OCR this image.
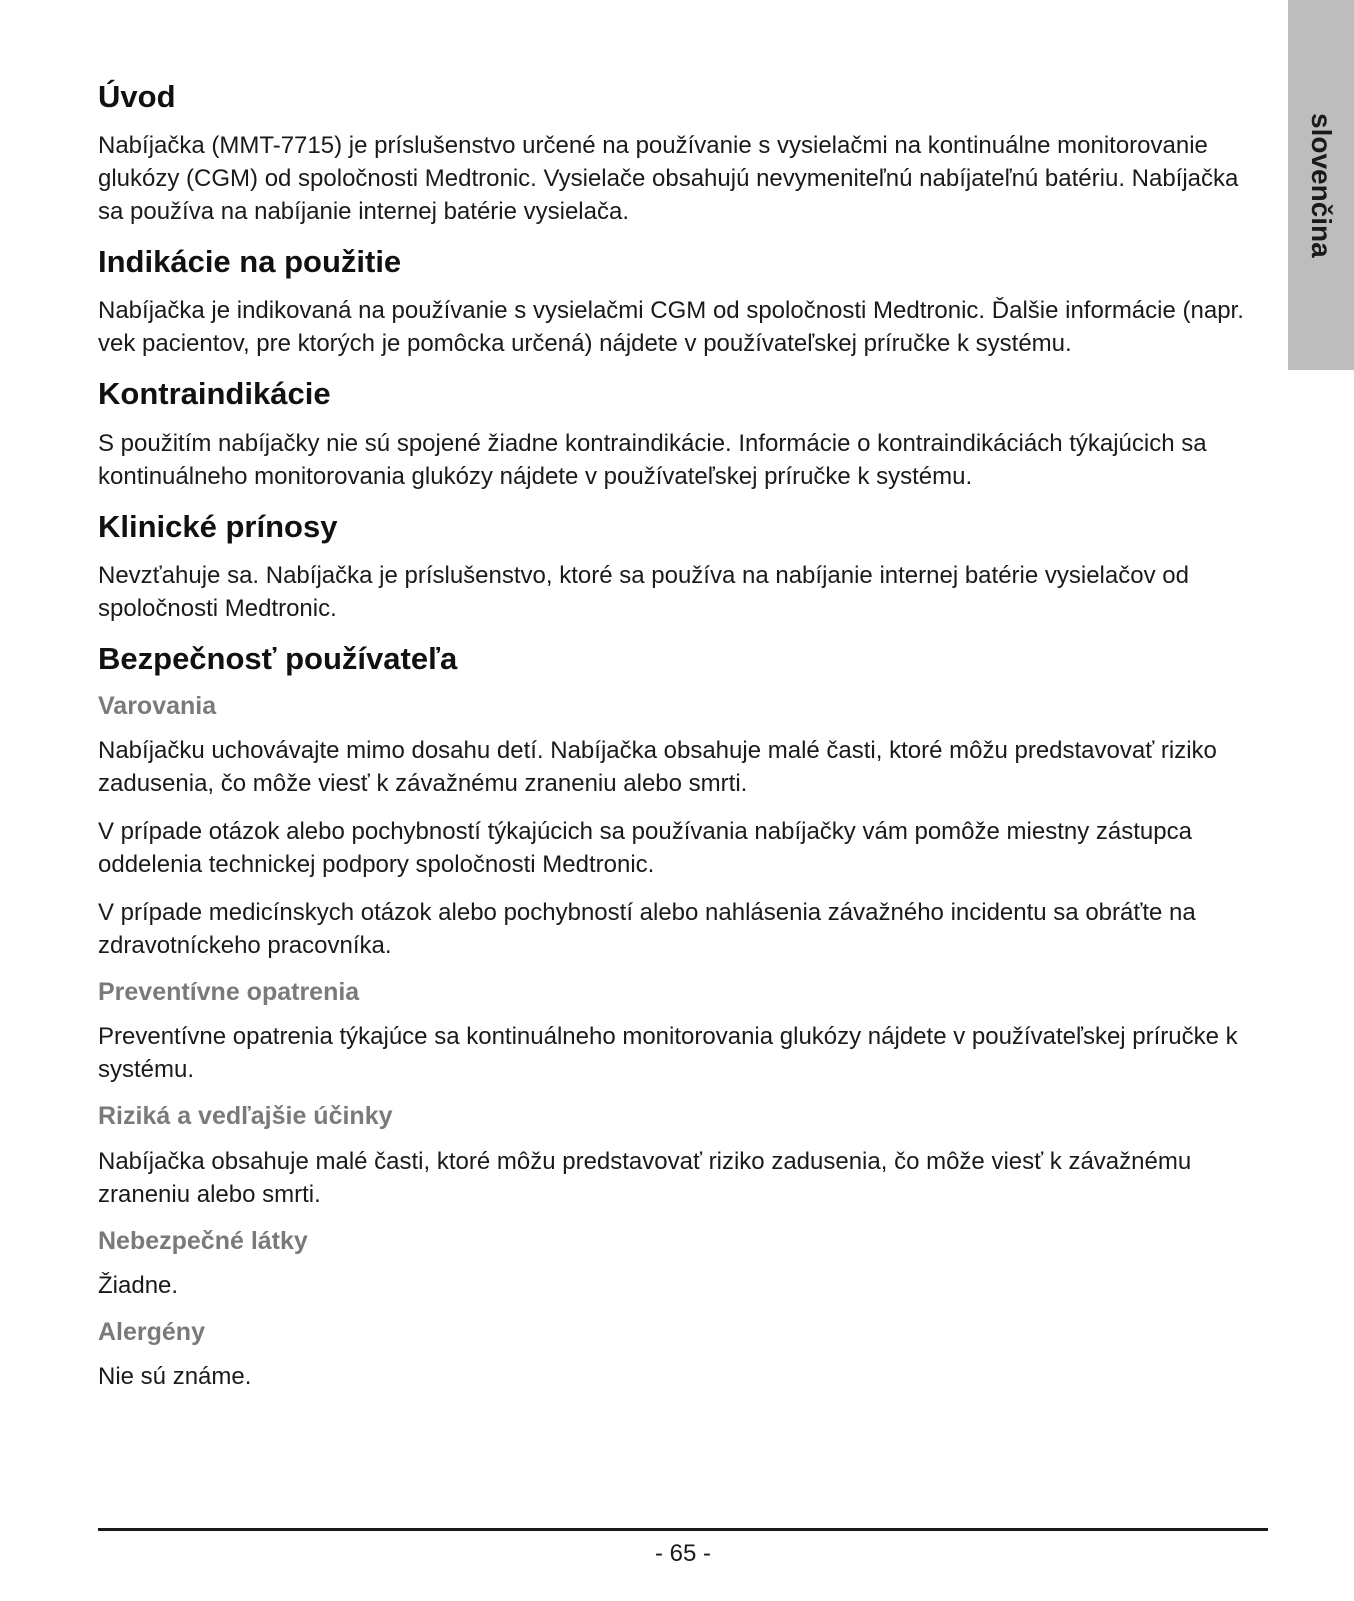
slovenčina
Úvod

Nabíjačka (MMT-7715) je príslušenstvo určené na používanie s vysielačmi na kontinuálne monitorovanie glukózy (CGM) od spoločnosti Medtronic. Vysielače obsahujú nevymeniteľnú nabíjateľnú batériu. Nabíjačka sa používa na nabíjanie internej batérie vysielača.

Indikácie na použitie

Nabíjačka je indikovaná na používanie s vysielačmi CGM od spoločnosti Medtronic. Ďalšie informácie (napr. vek pacientov, pre ktorých je pomôcka určená) nájdete v používateľskej príručke k systému.

Kontraindikácie

S použitím nabíjačky nie sú spojené žiadne kontraindikácie. Informácie o kontraindikáciách týkajúcich sa kontinuálneho monitorovania glukózy nájdete v používateľskej príručke k systému.

Klinické prínosy

Nevzťahuje sa. Nabíjačka je príslušenstvo, ktoré sa používa na nabíjanie internej batérie vysielačov od spoločnosti Medtronic.

Bezpečnosť používateľa
Varovania

Nabíjačku uchovávajte mimo dosahu detí. Nabíjačka obsahuje malé časti, ktoré môžu predstavovať riziko zadusenia, čo môže viesť k závažnému zraneniu alebo smrti.

V prípade otázok alebo pochybností týkajúcich sa používania nabíjačky vám pomôže miestny zástupca oddelenia technickej podpory spoločnosti Medtronic.

V prípade medicínskych otázok alebo pochybností alebo nahlásenia závažného incidentu sa obráťte na zdravotníckeho pracovníka.

Preventívne opatrenia

Preventívne opatrenia týkajúce sa kontinuálneho monitorovania glukózy nájdete v používateľskej príručke k systému.

Riziká a vedľajšie účinky

Nabíjačka obsahuje malé časti, ktoré môžu predstavovať riziko zadusenia, čo môže viesť k závažnému zraneniu alebo smrti.

Nebezpečné látky

Žiadne.

Alergény

Nie sú známe.

- 65 -
